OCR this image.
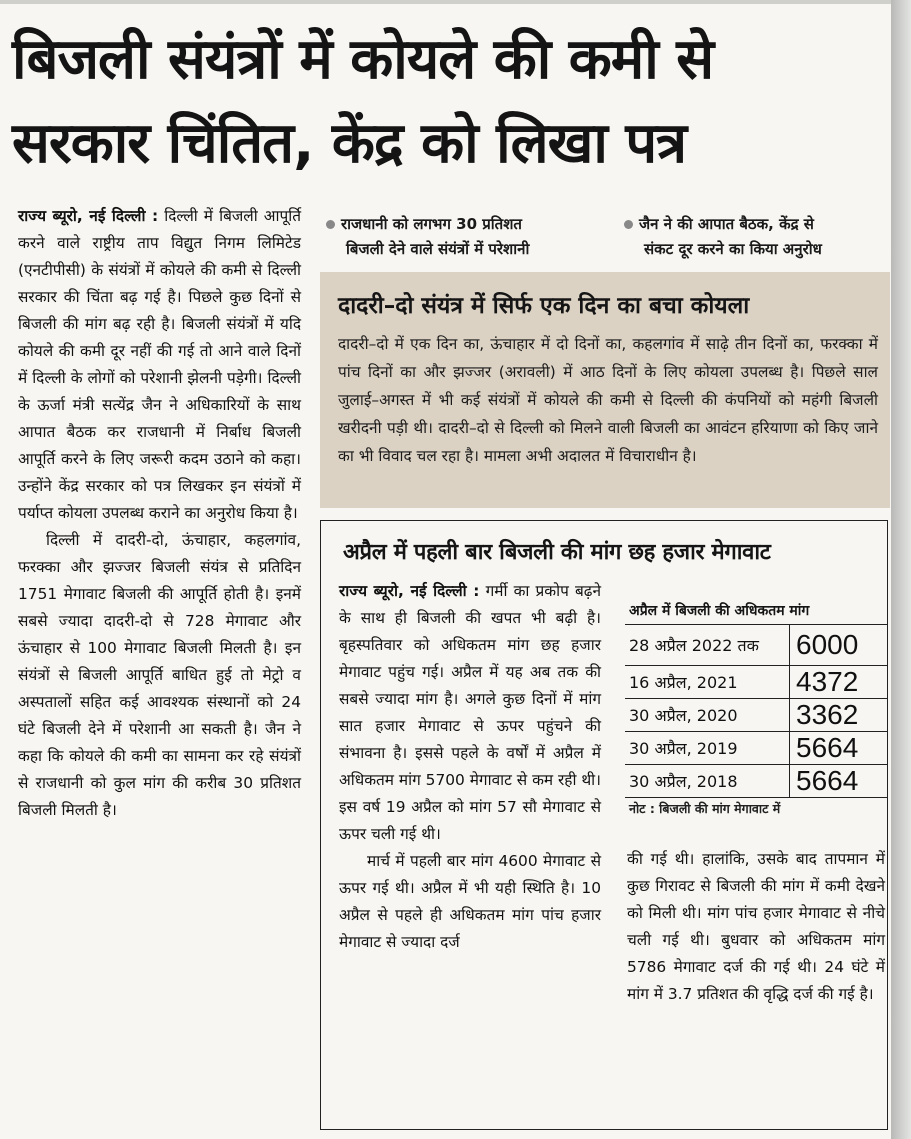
बिजली संयंत्रों में कोयले की कमी से
सरकार चिंतित, केंद्र को लिखा पत्र

राज्य ब्यूरो, नई दिल्ली : दिल्ली में बिजली आपूर्ति करने वाले राष्ट्रीय ताप विद्युत निगम लिमिटेड (एनटीपीसी) के संयंत्रों में कोयले की कमी से दिल्ली सरकार की चिंता बढ़ गई है। पिछले कुछ दिनों से बिजली की मांग बढ़ रही है। बिजली संयंत्रों में यदि कोयले की कमी दूर नहीं की गई तो आने वाले दिनों में दिल्ली के लोगों को परेशानी झेलनी पड़ेगी। दिल्ली के ऊर्जा मंत्री सत्येंद्र जैन ने अधिकारियों के साथ आपात बैठक कर राजधानी में निर्बाध बिजली आपूर्ति करने के लिए जरूरी कदम उठाने को कहा। उन्होंने केंद्र सरकार को पत्र लिखकर इन संयंत्रों में पर्याप्त कोयला उपलब्ध कराने का अनुरोध किया है।

दिल्ली में दादरी-दो, ऊंचाहार, कहलगांव, फरक्का और झज्जर बिजली संयंत्र से प्रतिदिन 1751 मेगावाट बिजली की आपूर्ति होती है। इनमें सबसे ज्यादा दादरी-दो से 728 मेगावाट और ऊंचाहार से 100 मेगावाट बिजली मिलती है। इन संयंत्रों से बिजली आपूर्ति बाधित हुई तो मेट्रो व अस्पतालों सहित कई आवश्यक संस्थानों को 24 घंटे बिजली देने में परेशानी आ सकती है। जैन ने कहा कि कोयले की कमी का सामना कर रहे संयंत्रों से राजधानी को कुल मांग की करीब 30 प्रतिशत बिजली मिलती है।

राजधानी को लगभग 30 प्रतिशत
बिजली देने वाले संयंत्रों में परेशानी
जैन ने की आपात बैठक, केंद्र से
संकट दूर करने का किया अनुरोध
दादरी–दो संयंत्र में सिर्फ एक दिन का बचा कोयला

दादरी–दो में एक दिन का, ऊंचाहार में दो दिनों का, कहलगांव में साढ़े तीन दिनों का, फरक्का में पांच दिनों का और झज्जर (अरावली) में आठ दिनों के लिए कोयला उपलब्ध है। पिछले साल जुलाई–अगस्त में भी कई संयंत्रों में कोयले की कमी से दिल्ली की कंपनियों को महंगी बिजली खरीदनी पड़ी थी। दादरी–दो से दिल्ली को मिलने वाली बिजली का आवंटन हरियाणा को किए जाने का भी विवाद चल रहा है। मामला अभी अदालत में विचाराधीन है।

अप्रैल में पहली बार बिजली की मांग छह हजार मेगावाट

राज्य ब्यूरो, नई दिल्ली : गर्मी का प्रकोप बढ़ने के साथ ही बिजली की खपत भी बढ़ी है। बृहस्पतिवार को अधिकतम मांग छह हजार मेगावाट पहुंच गई। अप्रैल में यह अब तक की सबसे ज्यादा मांग है। अगले कुछ दिनों में मांग सात हजार मेगावाट से ऊपर पहुंचने की संभावना है। इससे पहले के वर्षों में अप्रैल में अधिकतम मांग 5700 मेगावाट से कम रही थी। इस वर्ष 19 अप्रैल को मांग 57 सौ मेगावाट से ऊपर चली गई थी।

मार्च में पहली बार मांग 4600 मेगावाट से ऊपर गई थी। अप्रैल में भी यही स्थिति है। 10 अप्रैल से पहले ही अधिकतम मांग पांच हजार मेगावाट से ज्यादा दर्ज

अप्रैल में बिजली की अधिकतम मांग

28 अप्रैल 2022 तक	6000
16 अप्रैल, 2021	4372
30 अप्रैल, 2020	3362
30 अप्रैल, 2019	5664
30 अप्रैल, 2018	5664

नोट : बिजली की मांग मेगावाट में

की गई थी। हालांकि, उसके बाद तापमान में कुछ गिरावट से बिजली की मांग में कमी देखने को मिली थी। मांग पांच हजार मेगावाट से नीचे चली गई थी। बुधवार को अधिकतम मांग 5786 मेगावाट दर्ज की गई थी। 24 घंटे में मांग में 3.7 प्रतिशत की वृद्धि दर्ज की गई है।
